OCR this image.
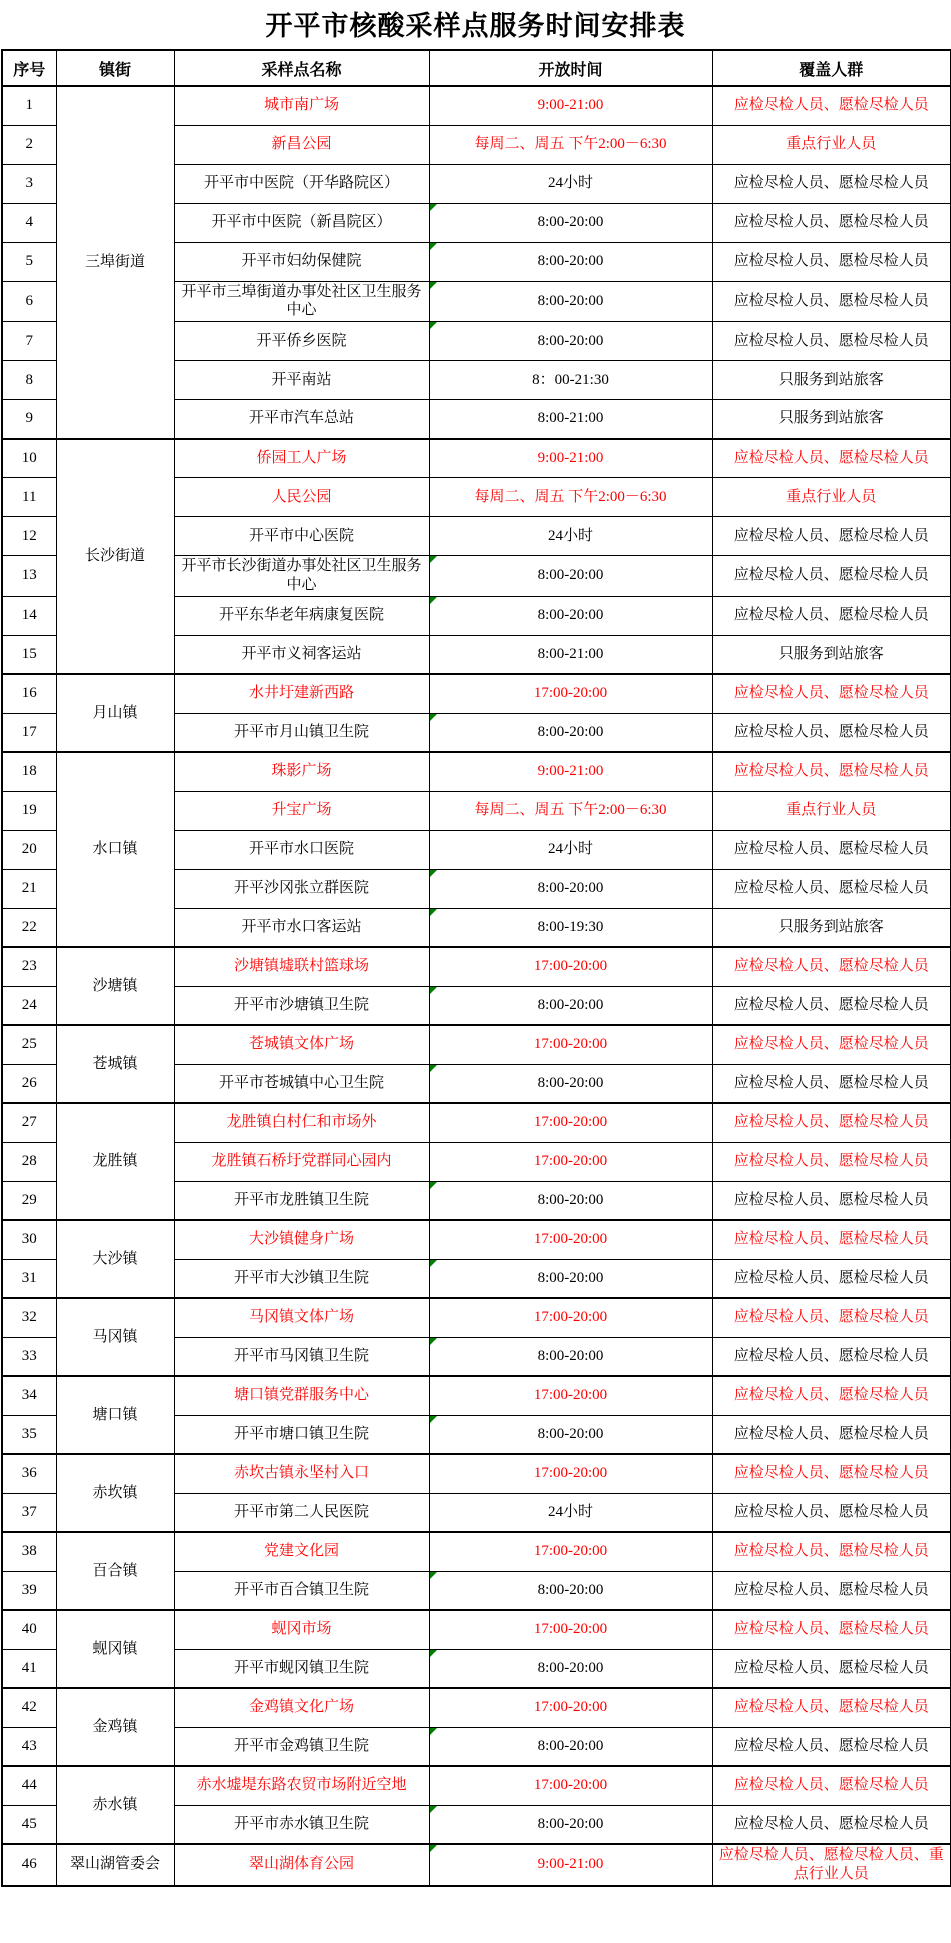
开平市核酸采样点服务时间安排表
序号	镇街	采样点名称	开放时间	覆盖人群
1	三埠街道	城市南广场	9:00-21:00	应检尽检人员、愿检尽检人员
2		新昌公园	每周二、周五 下午2:00－6:30	重点行业人员
3		开平市中医院（开华路院区）	24小时	应检尽检人员、愿检尽检人员
4		开平市中医院（新昌院区）	8:00-20:00	应检尽检人员、愿检尽检人员
5		开平市妇幼保健院	8:00-20:00	应检尽检人员、愿检尽检人员
6		开平市三埠街道办事处社区卫生服务中心	8:00-20:00	应检尽检人员、愿检尽检人员
7		开平侨乡医院	8:00-20:00	应检尽检人员、愿检尽检人员
8		开平南站	8：00-21:30	只服务到站旅客
9		开平市汽车总站	8:00-21:00	只服务到站旅客
10	长沙街道	侨园工人广场	9:00-21:00	应检尽检人员、愿检尽检人员
11		人民公园	每周二、周五 下午2:00－6:30	重点行业人员
12		开平市中心医院	24小时	应检尽检人员、愿检尽检人员
13		开平市长沙街道办事处社区卫生服务中心	8:00-20:00	应检尽检人员、愿检尽检人员
14		开平东华老年病康复医院	8:00-20:00	应检尽检人员、愿检尽检人员
15		开平市义祠客运站	8:00-21:00	只服务到站旅客
16	月山镇	水井圩建新西路	17:00-20:00	应检尽检人员、愿检尽检人员
17		开平市月山镇卫生院	8:00-20:00	应检尽检人员、愿检尽检人员
18	水口镇	珠影广场	9:00-21:00	应检尽检人员、愿检尽检人员
19		升宝广场	每周二、周五 下午2:00－6:30	重点行业人员
20		开平市水口医院	24小时	应检尽检人员、愿检尽检人员
21		开平沙冈张立群医院	8:00-20:00	应检尽检人员、愿检尽检人员
22		开平市水口客运站	8:00-19:30	只服务到站旅客
23	沙塘镇	沙塘镇墟联村篮球场	17:00-20:00	应检尽检人员、愿检尽检人员
24		开平市沙塘镇卫生院	8:00-20:00	应检尽检人员、愿检尽检人员
25	苍城镇	苍城镇文体广场	17:00-20:00	应检尽检人员、愿检尽检人员
26		开平市苍城镇中心卫生院	8:00-20:00	应检尽检人员、愿检尽检人员
27	龙胜镇	龙胜镇白村仁和市场外	17:00-20:00	应检尽检人员、愿检尽检人员
28		龙胜镇石桥圩党群同心园内	17:00-20:00	应检尽检人员、愿检尽检人员
29		开平市龙胜镇卫生院	8:00-20:00	应检尽检人员、愿检尽检人员
30	大沙镇	大沙镇健身广场	17:00-20:00	应检尽检人员、愿检尽检人员
31		开平市大沙镇卫生院	8:00-20:00	应检尽检人员、愿检尽检人员
32	马冈镇	马冈镇文体广场	17:00-20:00	应检尽检人员、愿检尽检人员
33		开平市马冈镇卫生院	8:00-20:00	应检尽检人员、愿检尽检人员
34	塘口镇	塘口镇党群服务中心	17:00-20:00	应检尽检人员、愿检尽检人员
35		开平市塘口镇卫生院	8:00-20:00	应检尽检人员、愿检尽检人员
36	赤坎镇	赤坎古镇永坚村入口	17:00-20:00	应检尽检人员、愿检尽检人员
37		开平市第二人民医院	24小时	应检尽检人员、愿检尽检人员
38	百合镇	党建文化园	17:00-20:00	应检尽检人员、愿检尽检人员
39		开平市百合镇卫生院	8:00-20:00	应检尽检人员、愿检尽检人员
40	蚬冈镇	蚬冈市场	17:00-20:00	应检尽检人员、愿检尽检人员
41		开平市蚬冈镇卫生院	8:00-20:00	应检尽检人员、愿检尽检人员
42	金鸡镇	金鸡镇文化广场	17:00-20:00	应检尽检人员、愿检尽检人员
43		开平市金鸡镇卫生院	8:00-20:00	应检尽检人员、愿检尽检人员
44	赤水镇	赤水墟堤东路农贸市场附近空地	17:00-20:00	应检尽检人员、愿检尽检人员
45		开平市赤水镇卫生院	8:00-20:00	应检尽检人员、愿检尽检人员
46	翠山湖管委会	翠山湖体育公园	9:00-21:00	应检尽检人员、愿检尽检人员、重点行业人员
